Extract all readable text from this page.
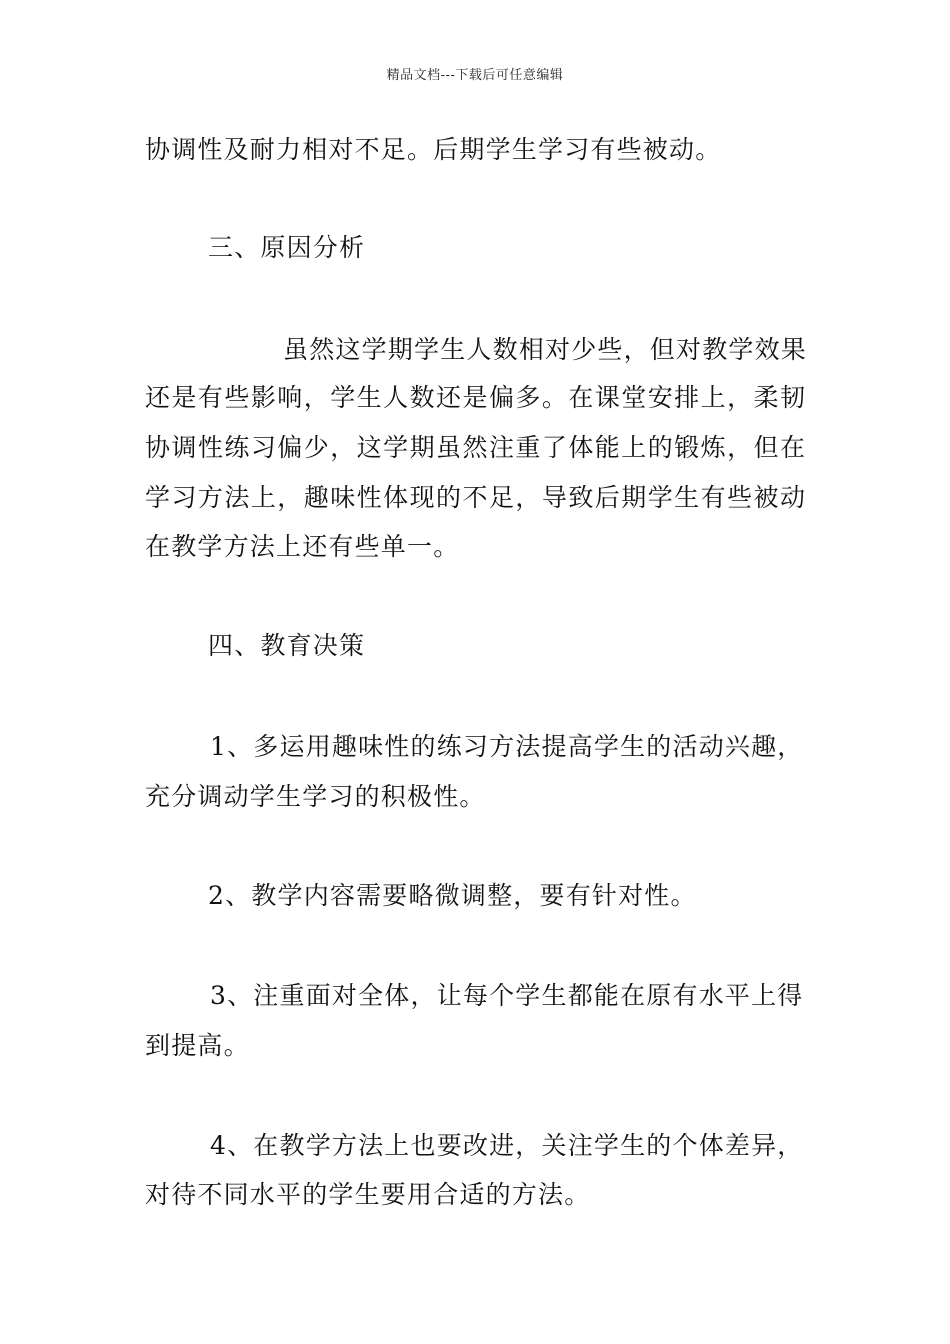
精品文档---下载后可任意编辑
协调性及耐力相对不足。后期学生学习有些被动。
三、原因分析
虽然这学期学生人数相对少些，但对教学效果
还是有些影响，学生人数还是偏多。在课堂安排上，柔韧
协调性练习偏少，这学期虽然注重了体能上的锻炼，但在
学习方法上，趣味性体现的不足，导致后期学生有些被动
在教学方法上还有些单一。
四、教育决策
1、多运用趣味性的练习方法提高学生的活动兴趣，
充分调动学生学习的积极性。
2、教学内容需要略微调整，要有针对性。
3、注重面对全体，让每个学生都能在原有水平上得
到提高。
4、在教学方法上也要改进，关注学生的个体差异，
对待不同水平的学生要用合适的方法。
